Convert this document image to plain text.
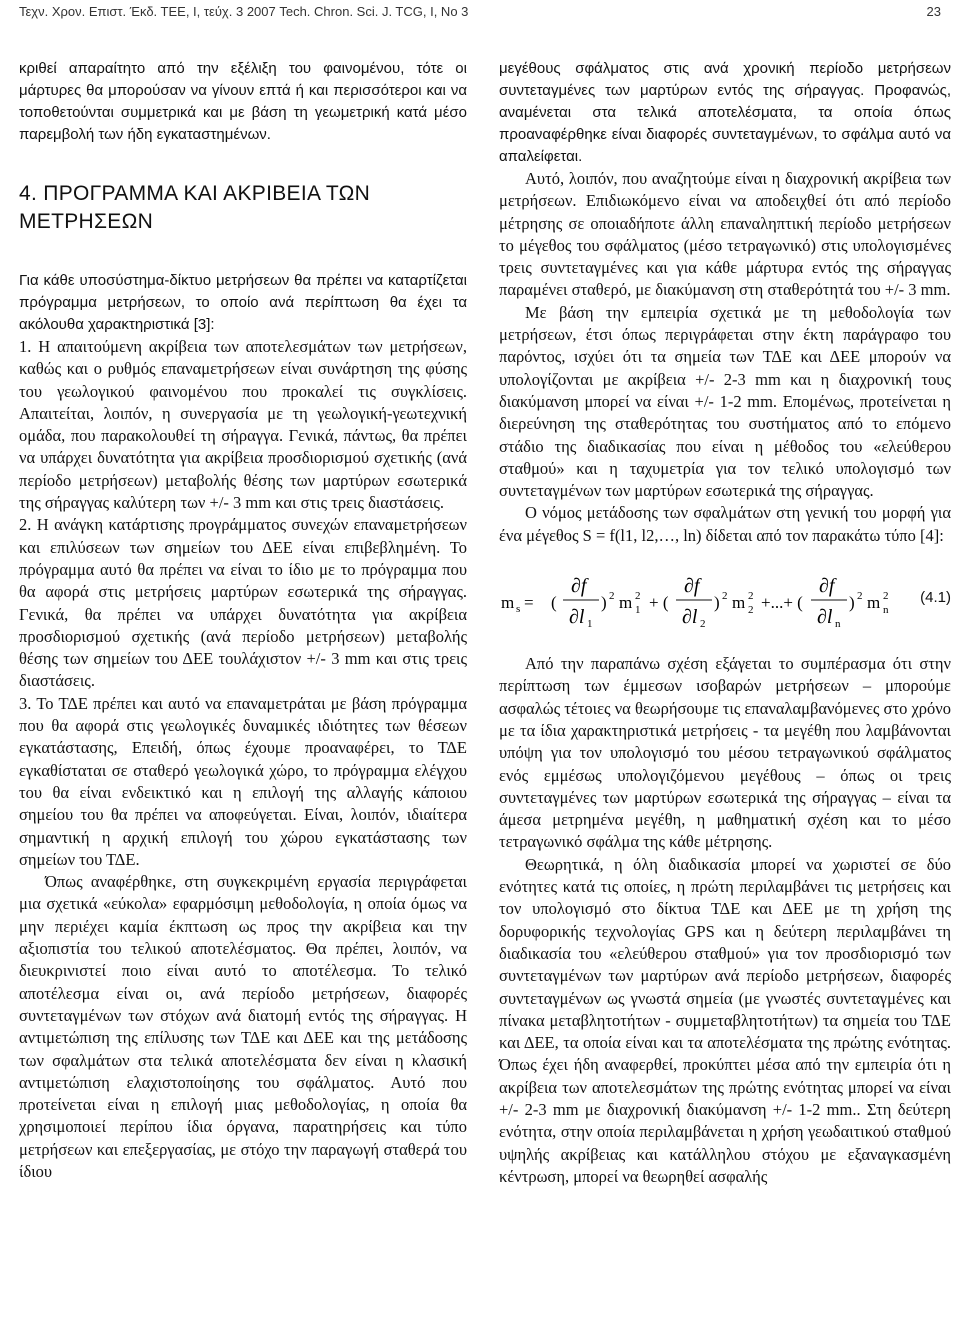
Τεχν. Χρον. Επιστ. Έκδ. ΤΕΕ, I, τεύχ. 3 2007 Tech. Chron. Sci. J. TCG, I, No 3	23

κριθεί απαραίτητο από την εξέλιξη του φαινομένου, τότε οι μάρτυρες θα μπορούσαν να γίνουν επτά ή και περισσότεροι και να τοποθετούνται συμμετρικά και με βάση τη γεωμετρική κατά μέσο παρεμβολή των ήδη εγκαταστημένων.

4. ΠΡΟΓΡΑΜΜΑ ΚΑΙ ΑΚΡΙΒΕΙΑ ΤΩΝ
ΜΕΤΡΗΣΕΩΝ

Για κάθε υποσύστημα-δίκτυο μετρήσεων θα πρέπει να καταρτίζεται πρόγραμμα μετρήσεων, το οποίο ανά περίπτωση θα έχει τα ακόλουθα χαρακτηριστικά [3]:

1. Η απαιτούμενη ακρίβεια των αποτελεσμάτων των μετρήσεων, καθώς και ο ρυθμός επαναμετρήσεων είναι συνάρτηση της φύσης του γεωλογικού φαινομένου που προκαλεί τις συγκλίσεις. Απαιτείται, λοιπόν, η συνεργασία με τη γεωλογική-γεωτεχνική ομάδα, που παρακολουθεί τη σήραγγα. Γενικά, πάντως, θα πρέπει να υπάρχει δυνατότητα για ακρίβεια προσδιορισμού σχετικής (ανά περίοδο μετρήσεων) μεταβολής θέσης των μαρτύρων εσωτερικά της σήραγγας καλύτερη των +/- 3 mm και στις τρεις διαστάσεις.

2. Η ανάγκη κατάρτισης προγράμματος συνεχών επαναμετρήσεων και επιλύσεων των σημείων του ΔΕΕ είναι επιβεβλημένη. Το πρόγραμμα αυτό θα πρέπει να είναι το ίδιο με το πρόγραμμα που θα αφορά στις μετρήσεις μαρτύρων εσωτερικά της σήραγγας. Γενικά, θα πρέπει να υπάρχει δυνατότητα για ακρίβεια προσδιορισμού σχετικής (ανά περίοδο μετρήσεων) μεταβολής θέσης των σημείων του ΔΕΕ τουλάχιστον +/- 3 mm και στις τρεις διαστάσεις.

3. Το ΤΔΕ πρέπει και αυτό να επαναμετράται με βάση πρόγραμμα που θα αφορά στις γεωλογικές δυναμικές ιδιότητες των θέσεων εγκατάστασης, Επειδή, όπως έχουμε προαναφέρει, το ΤΔΕ εγκαθίσταται σε σταθερό γεωλογικά χώρο, το πρόγραμμα ελέγχου του θα είναι ενδεικτικό και η επιλογή της αλλαγής κάποιου σημείου του θα πρέπει να αποφεύγεται. Είναι, λοιπόν, ιδιαίτερα σημαντική η αρχική επιλογή του χώρου εγκατάστασης των σημείων του ΤΔΕ.

Όπως αναφέρθηκε, στη συγκεκριμένη εργασία περιγράφεται μια σχετικά «εύκολα» εφαρμόσιμη μεθοδολογία, η οποία όμως να μην περιέχει καμία έκπτωση ως προς την ακρίβεια και την αξιοπιστία του τελικού αποτελέσματος. Θα πρέπει, λοιπόν, να διευκρινιστεί ποιο είναι αυτό το αποτέλεσμα. Το τελικό αποτέλεσμα είναι οι, ανά περίοδο μετρήσεων, διαφορές συντεταγμένων των στόχων ανά διατομή εντός της σήραγγας. Η αντιμετώπιση της επίλυσης των ΤΔΕ και ΔΕΕ και της μετάδοσης των σφαλμάτων στα τελικά αποτελέσματα δεν είναι η κλασική αντιμετώπιση ελαχιστοποίησης του σφάλματος. Αυτό που προτείνεται είναι η επιλογή μιας μεθοδολογίας, η οποία θα χρησιμοποιεί περίπου ίδια όργανα, παρατηρήσεις και τύπο μετρήσεων και επεξεργασίας, με στόχο την παραγωγή σταθερά του ίδιου

μεγέθους σφάλματος στις ανά χρονική περίοδο μετρήσεων συντεταγμένες των μαρτύρων εντός της σήραγγας. Προφανώς, αναμένεται στα τελικά αποτελέσματα, τα οποία όπως προαναφέρθηκε είναι διαφορές συντεταγμένων, το σφάλμα αυτό να απαλείφεται.

Αυτό, λοιπόν, που αναζητούμε είναι η διαχρονική ακρίβεια των μετρήσεων. Επιδιωκόμενο είναι να αποδειχθεί ότι από περίοδο μέτρησης σε οποιαδήποτε άλλη επαναληπτική περίοδο μετρήσεων το μέγεθος του σφάλματος (μέσο τετραγωνικό) στις υπολογισμένες τρεις συντεταγμένες και για κάθε μάρτυρα εντός της σήραγγας παραμένει σταθερό, με διακύμανση στη σταθερότητά του +/- 3 mm.

Με βάση την εμπειρία σχετικά με τη μεθοδολογία των μετρήσεων, έτσι όπως περιγράφεται στην έκτη παράγραφο του παρόντος, ισχύει ότι τα σημεία των ΤΔΕ και ΔΕΕ μπορούν να υπολογίζονται με ακρίβεια +/- 2-3 mm και η διαχρονική τους διακύμανση μπορεί να είναι +/- 1-2 mm. Επομένως, προτείνεται η διερεύνηση της σταθερότητας του συστήματος από το επόμενο στάδιο της διαδικασίας που είναι η μέθοδος του «ελεύθερου σταθμού» και η ταχυμετρία για τον τελικό υπολογισμό των συντεταγμένων των μαρτύρων εσωτερικά της σήραγγας.

Ο νόμος μετάδοσης των σφαλμάτων στη γενική του μορφή για ένα μέγεθος S = f(l1, l2,…, ln) δίδεται από τον παρακάτω τύπο [4]:

m s = (
∂f
∂l 1
) 2 m 1
2 + (
∂f
∂l 2
) 2 m 2
2 +...+ (
∂f
∂l n
) 2 m n
2 (4.1)

Από την παραπάνω σχέση εξάγεται το συμπέρασμα ότι στην περίπτωση των έμμεσων ισοβαρών μετρήσεων – μπορούμε ασφαλώς τέτοιες να θεωρήσουμε τις επαναλαμβανόμενες στο χρόνο με τα ίδια χαρακτηριστικά μετρήσεις - τα μεγέθη που λαμβάνονται υπόψη για τον υπολογισμό του μέσου τετραγωνικού σφάλματος ενός εμμέσως υπολογιζόμενου μεγέθους – όπως οι τρεις συντεταγμένες των μαρτύρων εσωτερικά της σήραγγας – είναι τα άμεσα μετρημένα μεγέθη, η μαθηματική σχέση και το μέσο τετραγωνικό σφάλμα της κάθε μέτρησης.

Θεωρητικά, η όλη διαδικασία μπορεί να χωριστεί σε δύο ενότητες κατά τις οποίες, η πρώτη περιλαμβάνει τις μετρήσεις και τον υπολογισμό στο δίκτυα ΤΔΕ και ΔΕΕ με τη χρήση της δορυφορικής τεχνολογίας GPS και η δεύτερη περιλαμβάνει τη διαδικασία του «ελεύθερου σταθμού» για τον προσδιορισμό των συντεταγμένων των μαρτύρων ανά περίοδο μετρήσεων, διαφορές συντεταγμένων ως γνωστά σημεία (με γνωστές συντεταγμένες και πίνακα μεταβλητοτήτων - συμμεταβλητοτήτων) τα σημεία του ΤΔΕ και ΔΕΕ, τα οποία είναι και τα αποτελέσματα της πρώτης ενότητας. Όπως έχει ήδη αναφερθεί, προκύπτει μέσα από την εμπειρία ότι η ακρίβεια των αποτελεσμάτων της πρώτης ενότητας μπορεί να είναι +/- 2-3 mm με διαχρονική διακύμανση +/- 1-2 mm.. Στη δεύτερη ενότητα, στην οποία περιλαμβάνεται η χρήση γεωδαιτικού σταθμού υψηλής ακρίβειας και κατάλληλου στόχου με εξαναγκασμένη κέντρωση, μπορεί να θεωρηθεί ασφαλής
